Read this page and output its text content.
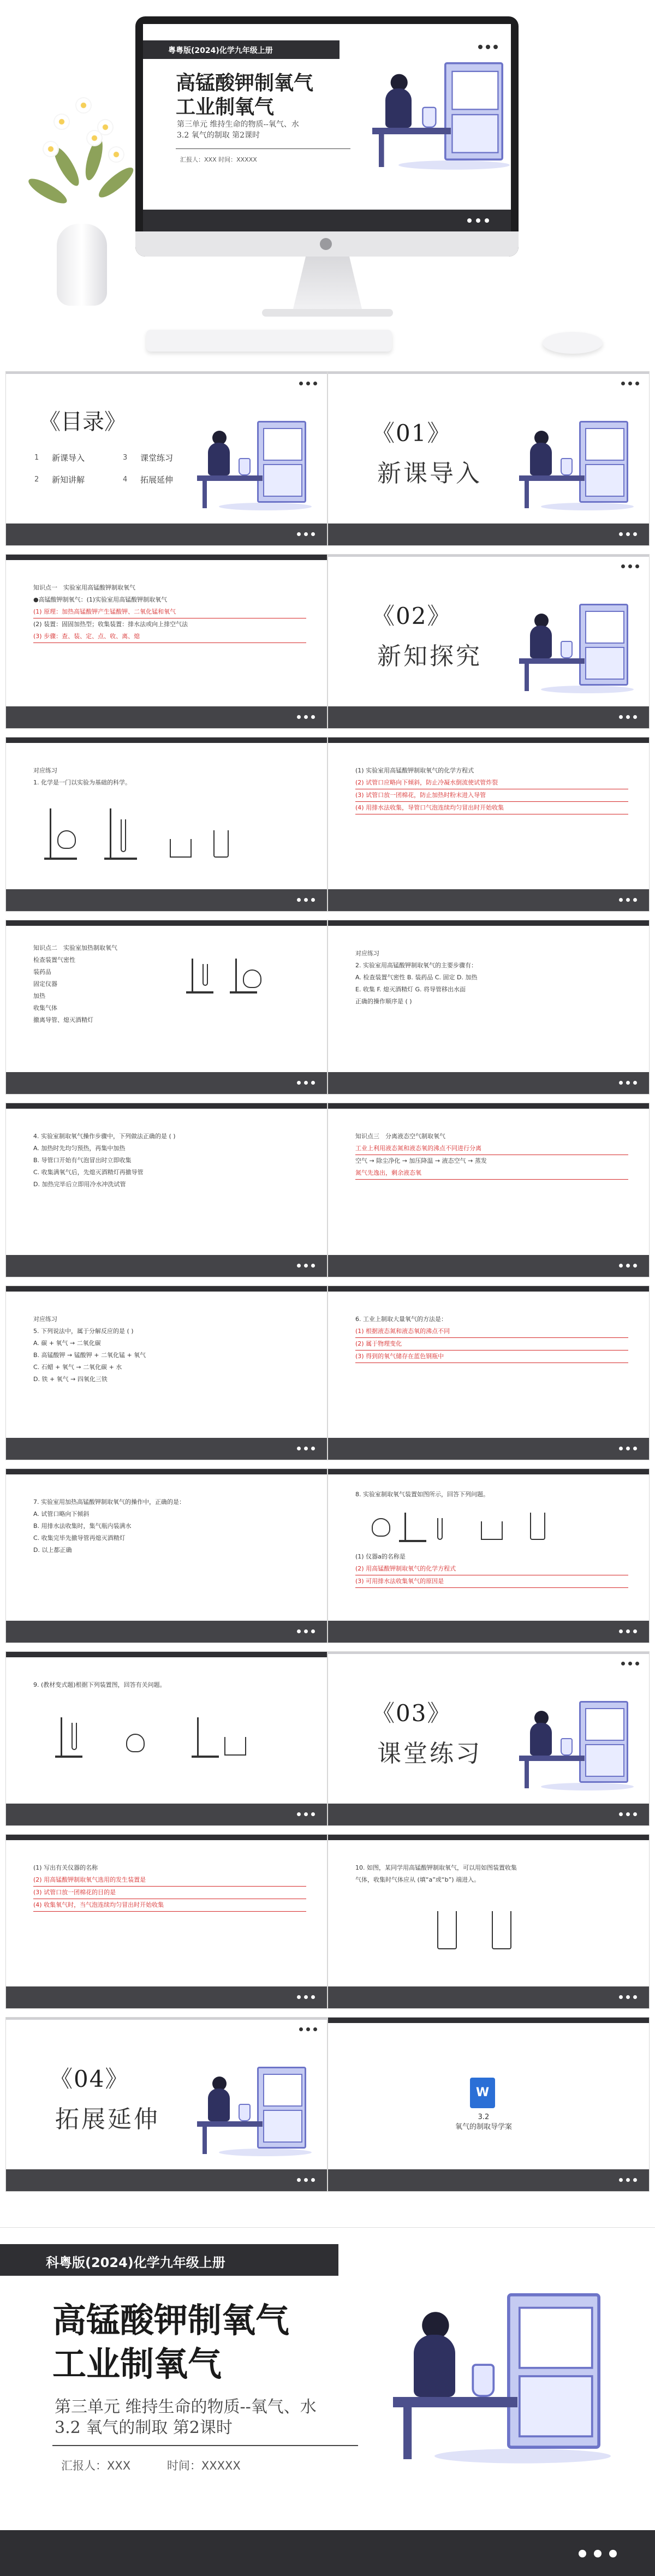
粤粤版(2024)化学九年级上册
高锰酸钾制氧气
工业制氧气
第三单元 维持生命的物质--氧气、水
3.2 氧气的制取 第2课时
汇报人：XXX 时间：XXXXX
《目录》
1 新课导入	3 课堂练习
2 新知讲解	4 拓展延伸
《01》
新课导入

知识点一　实验室用高锰酸钾制取氧气

●高锰酸钾制氧气：(1)实验室用高锰酸钾制取氧气

(1) 原理：加热高锰酸钾产生锰酸钾、二氧化锰和氧气

(2) 装置：固固加热型；收集装置：排水法或向上排空气法

(3) 步骤：查、装、定、点、收、离、熄

《02》
新知探究

对应练习

1. 化学是一门以实验为基础的科学。

(1) 实验室用高锰酸钾制取氧气的化学方程式

(2) 试管口应略向下倾斜，防止冷凝水倒流使试管炸裂

(3) 试管口放一团棉花，防止加热时粉末进入导管

(4) 用排水法收集，导管口气泡连续均匀冒出时开始收集

知识点二　实验室加热制取氧气

检查装置气密性

装药品

固定仪器

加热

收集气体

撤离导管、熄灭酒精灯

对应练习

2. 实验室用高锰酸钾制取氧气的主要步骤有：

A. 检查装置气密性 B. 装药品 C. 固定 D. 加热

E. 收集 F. 熄灭酒精灯 G. 将导管移出水面

正确的操作顺序是 ( )

4. 实验室制取氧气操作步骤中，下列做法正确的是 ( )

A. 加热时先均匀预热，再集中加热

B. 导管口开始有气泡冒出时立即收集

C. 收集满氧气后，先熄灭酒精灯再撤导管

D. 加热完毕后立即用冷水冲洗试管

知识点三　分离液态空气制取氧气

工业上利用液态氮和液态氧的沸点不同进行分离

空气 → 除尘净化 → 加压降温 → 液态空气 → 蒸发

氮气先逸出，剩余液态氧

对应练习

5. 下列说法中，属于分解反应的是 ( )

A. 碳 + 氧气 → 二氧化碳

B. 高锰酸钾 → 锰酸钾 + 二氧化锰 + 氧气

C. 石蜡 + 氧气 → 二氧化碳 + 水

D. 铁 + 氧气 → 四氧化三铁

6. 工业上制取大量氧气的方法是：

(1) 根据液态氮和液态氧的沸点不同

(2) 属于物理变化

(3) 得到的氧气储存在蓝色钢瓶中

7. 实验室用加热高锰酸钾制取氧气的操作中，正确的是：

A. 试管口略向下倾斜

B. 用排水法收集时，集气瓶内装满水

C. 收集完毕先撤导管再熄灭酒精灯

D. 以上都正确

8. 实验室制取氧气装置如图所示，回答下列问题。

(1) 仪器a的名称是

(2) 用高锰酸钾制取氧气的化学方程式

(3) 可用排水法收集氧气的原因是

9. (教材变式题)根据下列装置图，回答有关问题。

《03》
课堂练习

(1) 写出有关仪器的名称

(2) 用高锰酸钾制取氧气选用的发生装置是

(3) 试管口放一团棉花的目的是

(4) 收集氧气时，当气泡连续均匀冒出时开始收集

10. 如图，某同学用高锰酸钾制取氧气，可以用如图装置收集

气体，收集时气体应从 (填“a”或“b”) 端进入。

《04》
拓展延伸
W
3.2
氧气的制取导学案
科粤版(2024)化学九年级上册
高锰酸钾制氧气
工业制氧气
第三单元 维持生命的物质--氧气、水
3.2 氧气的制取 第2课时
汇报人：XXX	时间：XXXXX
